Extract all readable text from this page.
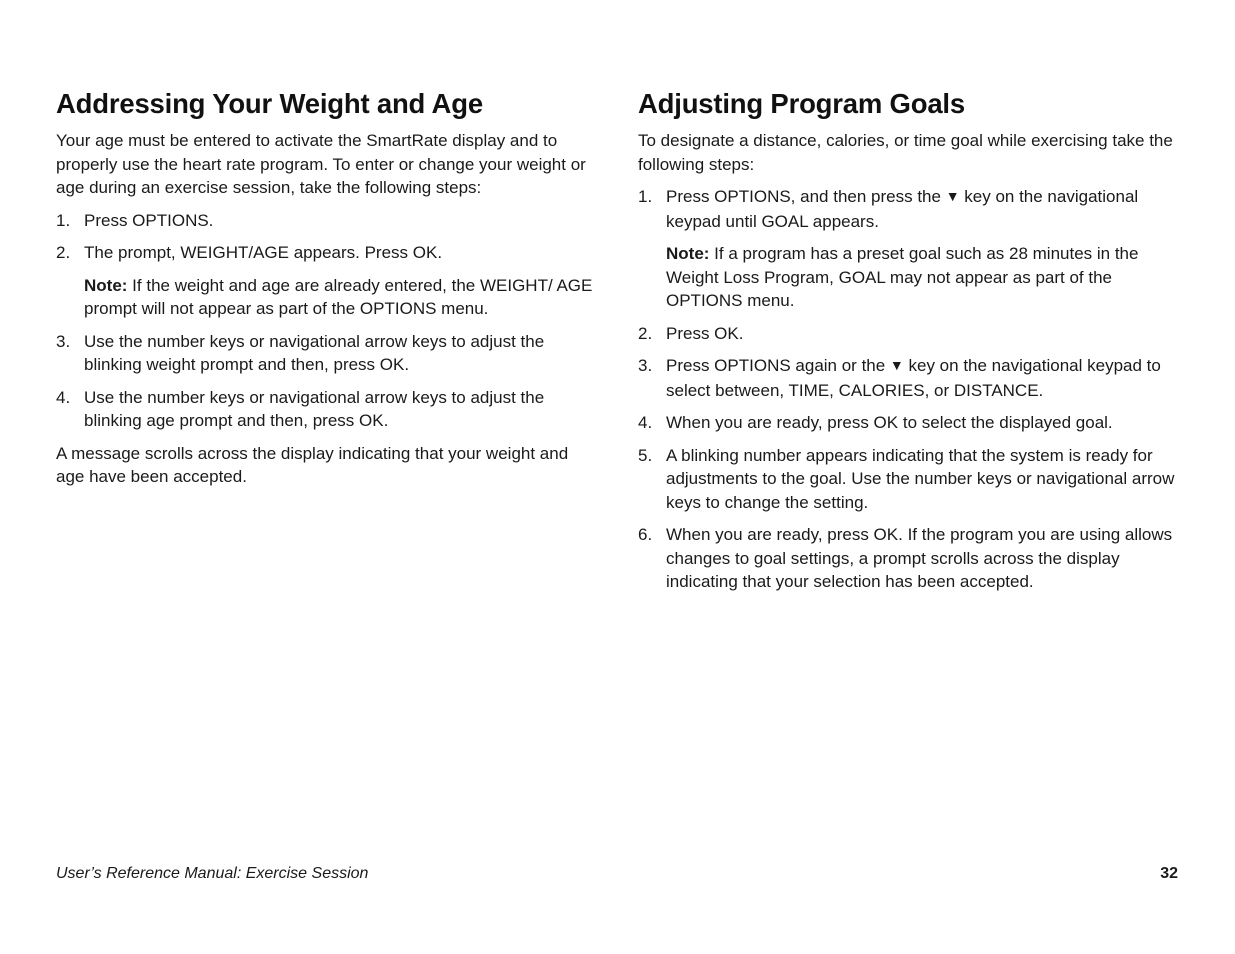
Addressing Your Weight and Age

Your age must be entered to activate the SmartRate display and to properly use the heart rate program. To enter or change your weight or age during an exercise session, take the following steps:

1. Press OPTIONS.
2. The prompt, WEIGHT/AGE appears. Press OK.
Note: If the weight and age are already entered, the WEIGHT/ AGE prompt will not appear as part of the OPTIONS menu.
3. Use the number keys or navigational arrow keys to adjust the blinking weight prompt and then, press OK.
4. Use the number keys or navigational arrow keys to adjust the blinking age prompt and then, press OK.

A message scrolls across the display indicating that your weight and age have been accepted.

Adjusting Program Goals

To designate a distance, calories, or time goal while exercising take the following steps:

1. Press OPTIONS, and then press the ▼ key on the navigational keypad until GOAL appears.
Note: If a program has a preset goal such as 28 minutes in the Weight Loss Program, GOAL may not appear as part of the OPTIONS menu.
2. Press OK.
3. Press OPTIONS again or the ▼ key on the navigational keypad to select between, TIME, CALORIES, or DISTANCE.
4. When you are ready, press OK to select the displayed goal.
5. A blinking number appears indicating that the system is ready for adjustments to the goal. Use the number keys or navigational arrow keys to change the setting.
6. When you are ready, press OK. If the program you are using allows changes to goal settings, a prompt scrolls across the display indicating that your selection has been accepted.
User’s Reference Manual: Exercise Session	32
